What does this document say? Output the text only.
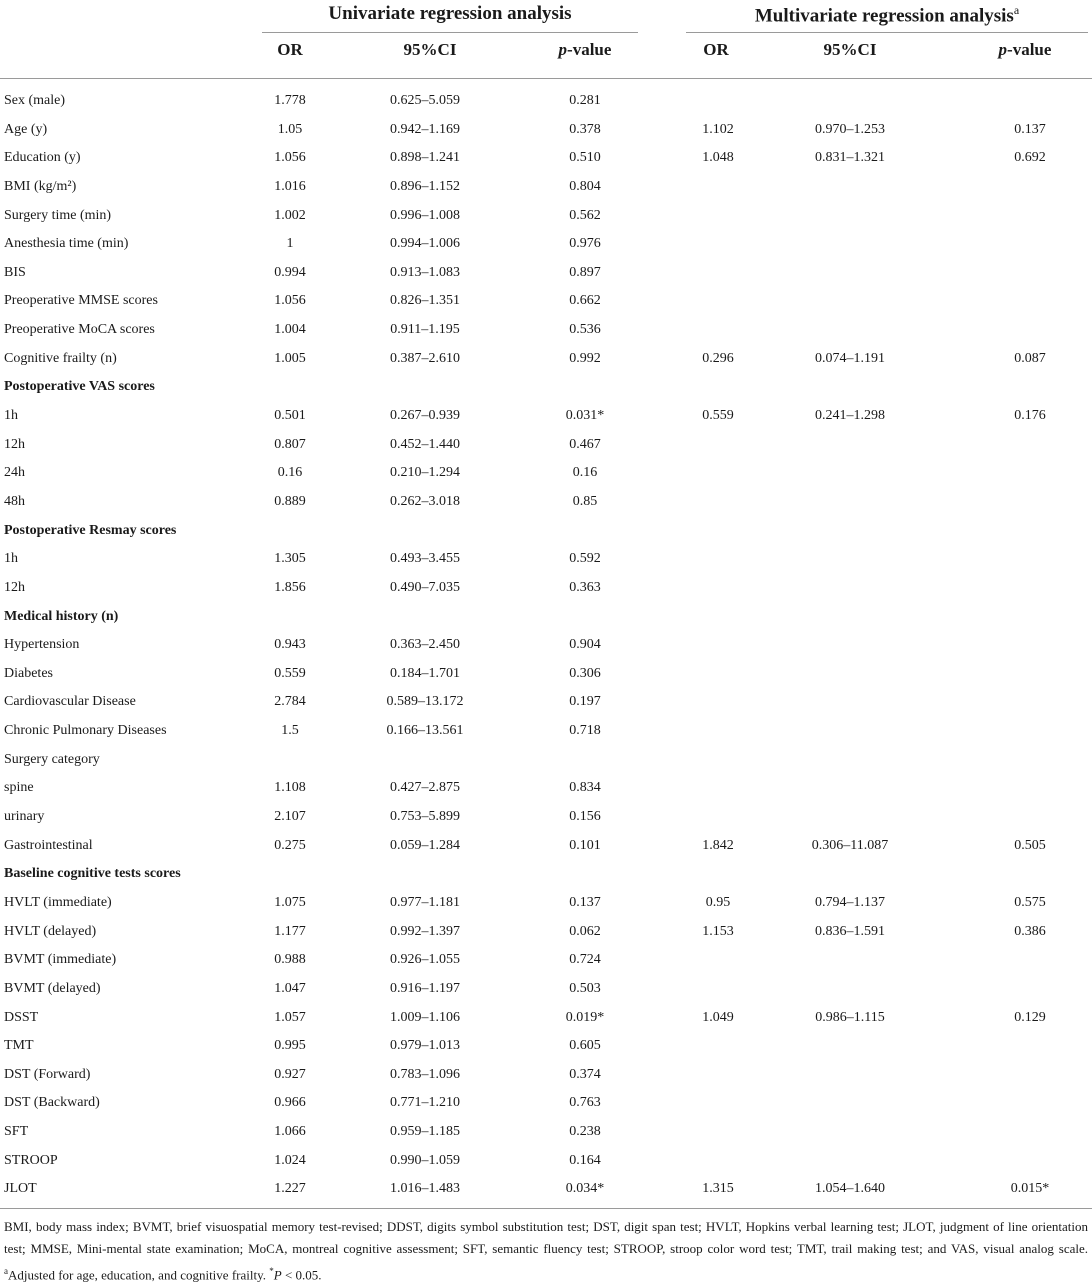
Univariate regression analysis	Multivariate regression analysis$^a$
OR	95%CI	p-value	OR	95%CI	p-value
Sex (male)	1.778	0.625–5.059	0.281
Age (y)	1.05	0.942–1.169	0.378	1.102	0.970–1.253	0.137
Education (y)	1.056	0.898–1.241	0.510	1.048	0.831–1.321	0.692
BMI (kg/m²)	1.016	0.896–1.152	0.804
Surgery time (min)	1.002	0.996–1.008	0.562
Anesthesia time (min)	1	0.994–1.006	0.976
BIS	0.994	0.913–1.083	0.897
Preoperative MMSE scores	1.056	0.826–1.351	0.662
Preoperative MoCA scores	1.004	0.911–1.195	0.536
Cognitive frailty (n)	1.005	0.387–2.610	0.992	0.296	0.074–1.191	0.087
Postoperative VAS scores
1h	0.501	0.267–0.939	0.031*	0.559	0.241–1.298	0.176
12h	0.807	0.452–1.440	0.467
24h	0.16	0.210–1.294	0.16
48h	0.889	0.262–3.018	0.85
Postoperative Resmay scores
1h	1.305	0.493–3.455	0.592
12h	1.856	0.490–7.035	0.363
Medical history (n)
Hypertension	0.943	0.363–2.450	0.904
Diabetes	0.559	0.184–1.701	0.306
Cardiovascular Disease	2.784	0.589–13.172	0.197
Chronic Pulmonary Diseases	1.5	0.166–13.561	0.718
Surgery category
spine	1.108	0.427–2.875	0.834
urinary	2.107	0.753–5.899	0.156
Gastrointestinal	0.275	0.059–1.284	0.101	1.842	0.306–11.087	0.505
Baseline cognitive tests scores
HVLT (immediate)	1.075	0.977–1.181	0.137	0.95	0.794–1.137	0.575
HVLT (delayed)	1.177	0.992–1.397	0.062	1.153	0.836–1.591	0.386
BVMT (immediate)	0.988	0.926–1.055	0.724
BVMT (delayed)	1.047	0.916–1.197	0.503
DSST	1.057	1.009–1.106	0.019*	1.049	0.986–1.115	0.129
TMT	0.995	0.979–1.013	0.605
DST (Forward)	0.927	0.783–1.096	0.374
DST (Backward)	0.966	0.771–1.210	0.763
SFT	1.066	0.959–1.185	0.238
STROOP	1.024	0.990–1.059	0.164
JLOT	1.227	1.016–1.483	0.034*	1.315	1.054–1.640	0.015*
BMI, body mass index; BVMT, brief visuospatial memory test-revised; DDST, digits symbol substitution test; DST, digit span test; HVLT, Hopkins verbal learning test; JLOT, judgment of line orientation test; MMSE, Mini-mental state examination; MoCA, montreal cognitive assessment; SFT, semantic fluency test; STROOP, stroop color word test; TMT, trail making test; and VAS, visual analog scale. $^a$Adjusted for age, education, and cognitive frailty. *P < 0.05.
